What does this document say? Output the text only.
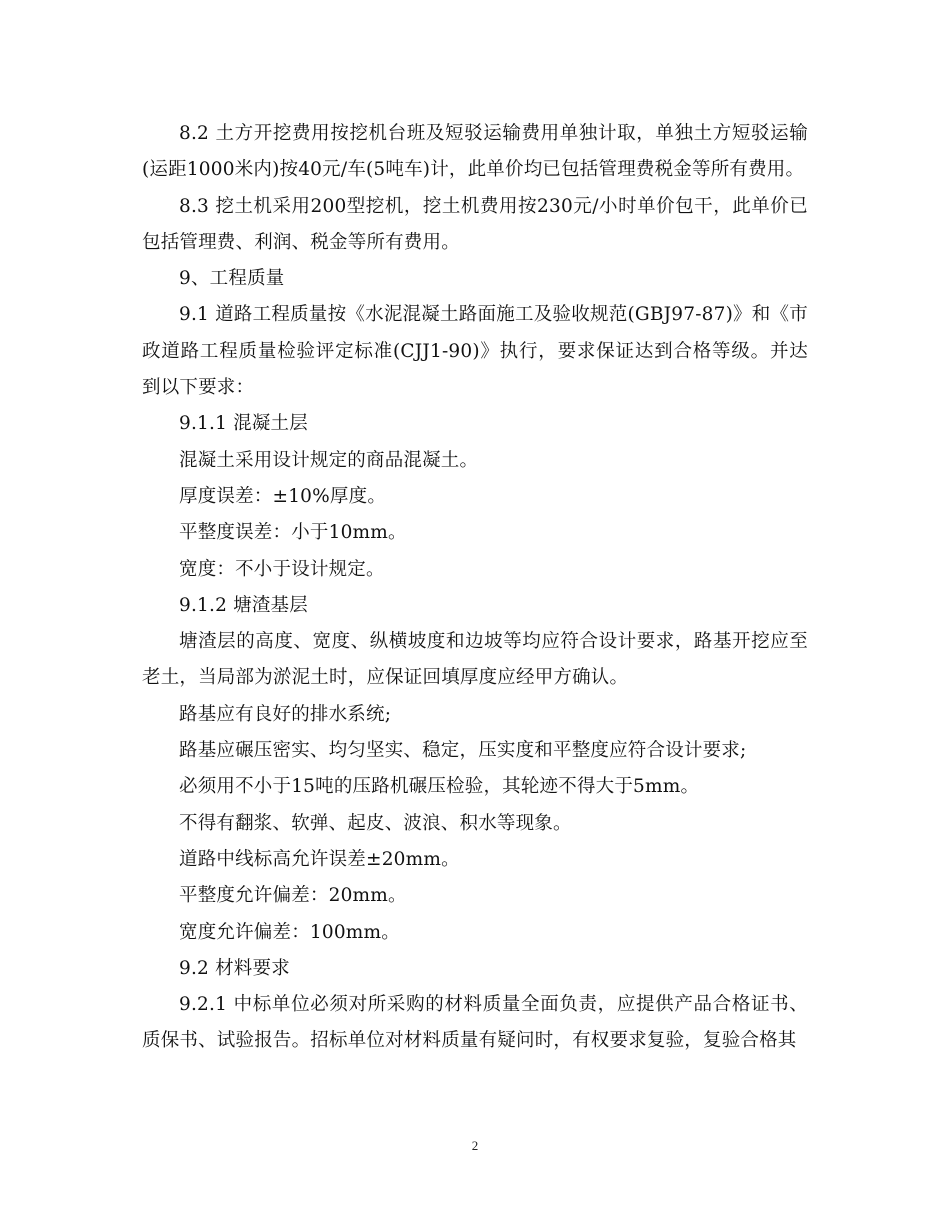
8.2 土方开挖费用按挖机台班及短驳运输费用单独计取，单独土方短驳运输(运距1000米内)按40元/车(5吨车)计，此单价均已包括管理费税金等所有费用。

8.3 挖土机采用200型挖机，挖土机费用按230元/小时单价包干，此单价已包括管理费、利润、税金等所有费用。

9、工程质量

9.1 道路工程质量按《水泥混凝土路面施工及验收规范(GBJ97-87)》和《市政道路工程质量检验评定标准(CJJ1-90)》执行，要求保证达到合格等级。并达到以下要求：

9.1.1 混凝土层

混凝土采用设计规定的商品混凝土。

厚度误差：±10%厚度。

平整度误差：小于10mm。

宽度：不小于设计规定。

9.1.2 塘渣基层

塘渣层的高度、宽度、纵横坡度和边坡等均应符合设计要求，路基开挖应至老土，当局部为淤泥土时，应保证回填厚度应经甲方确认。

路基应有良好的排水系统;

路基应碾压密实、均匀坚实、稳定，压实度和平整度应符合设计要求;

必须用不小于15吨的压路机碾压检验，其轮迹不得大于5mm。

不得有翻浆、软弹、起皮、波浪、积水等现象。

道路中线标高允许误差±20mm。

平整度允许偏差：20mm。

宽度允许偏差：100mm。

9.2 材料要求

9.2.1 中标单位必须对所采购的材料质量全面负责，应提供产品合格证书、质保书、试验报告。招标单位对材料质量有疑问时，有权要求复验，复验合格其

2
